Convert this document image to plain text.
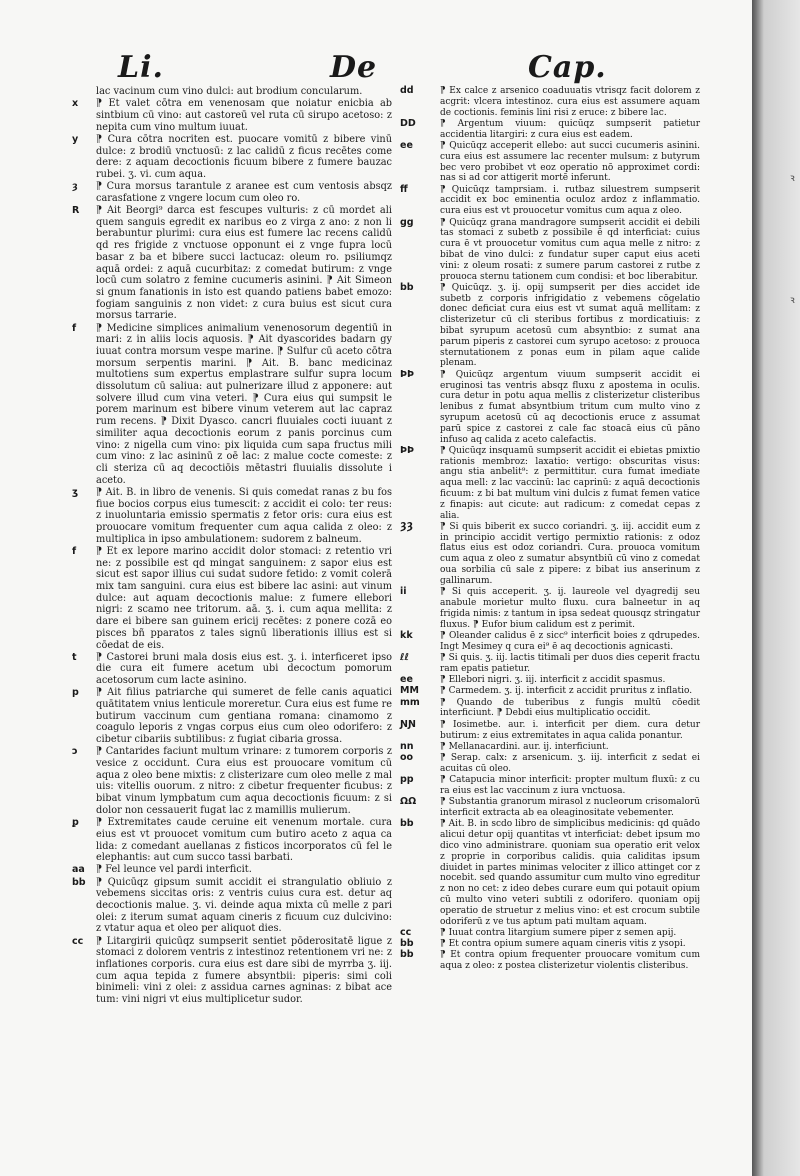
Li.	De	Cap.
lac vacinum cum vino dulci: aut brodium concularum.
x	⁋ Et valet cōtra em venenosam que noiatur enicbia ab sintbium cū vino: aut castoreū vel ruta cū sirupo acetoso: z nepita cum vino multum iuuat.
y	⁋ Cura cōtra nocriten est. puocare vomitū z bibere vinū dulce: z brodiū vnctuosū: z lac calidū z ficus recētes come dere: z aquam decoctionis ficuum bibere z fumere bauzac rubei. ʒ. vi. cum aqua.
ȝ	⁋ Cura morsus tarantule z aranee est cum ventosis absqz carasfatione z vngere locum cum oleo ro.
R	⁋ Ait Beorgi⁹ darca est fescupes vulturis: z cū mordet ali quem sanguis egredit ex naribus eo z virga z ano: z non li berabuntur plurimi: cura eius est fumere lac recens calidū qd res frigide z vnctuose opponunt ei z vnge fupra locū basar z ba et bibere succi lactucaz: oleum ro. psiliumqz aquā ordei: z aquā cucurbitaz: z comedat butirum: z vnge locū cum solatro z femine cucumeris asinini. ⁋ Ait Simeon si gnum fanationis in isto est quando patiens babet emozo: fogiam sanguinis z non videt: z cura buius est sicut cura morsus tarrarie.
f	⁋ Medicine simplices animalium venenosorum degentiū in mari: z in aliis locis aquosis. ⁋ Ait dyascorides badarn gy iuuat contra morsum vespe marine. ⁋ Sulfur cū aceto cōtra morsum serpentis marini. ⁋ Ait. B. banc medicinaz multotiens sum expertus emplastrare sulfur supra locum dissolutum cū saliua: aut pulnerizare illud z apponere: aut solvere illud cum vina veteri. ⁋ Cura eius qui sumpsit le porem marinum est bibere vinum veterem aut lac capraz rum recens. ⁋ Dixit Dyasco. cancri fluuiales cocti iuuant z similiter aqua decoctionis eorum z panis porcinus cum vino: z nigella cum vino: pix liquida cum sapa fructus mili cum vino: z lac asininū z oē lac: z malue cocte comeste: z cli steriza cū aq decoctiōis mētastri fluuialis dissolute i aceto.
ʒ	⁋ Ait. B. in libro de venenis. Si quis comedat ranas z bu fos fiue bocios corpus eius tumescit: z accidit ei colo: ter reus: z inuoluntaria emissio spermatis z fetor oris: cura eius est prouocare vomitum frequenter cum aqua calida z oleo: z multiplica in ipso ambulationem: sudorem z balneum.
f	⁋ Et ex lepore marino accidit dolor stomaci: z retentio vri ne: z possibile est qd mingat sanguinem: z sapor eius est sicut est sapor illius cui sudat sudore fetido: z vomit colerā mix tam sanguini. cura eius est bibere lac asini: aut vinum dulce: aut aquam decoctionis malue: z fumere ellebori nigri: z scamo nee tritorum. aā. ʒ. i. cum aqua mellita: z dare ei bibere san guinem ericij recētes: z ponere cozā eo pisces bñ pparatos z tales signū liberationis illius est si cōedat de eis.
t	⁋ Castorei bruni mala dosis eius est. ʒ. i. interficeret ipso die cura eit fumere acetum ubi decoctum pomorum acetosorum cum lacte asinino.
p	⁋ Ait filius patriarche qui sumeret de felle canis aquatici quātitatem vnius lenticule moreretur. Cura eius est fume re butirum vaccinum cum gentiana romana: cinamomo z coagulo leporis z vngas corpus eius cum oleo odorifero: z cibetur cibariis subtilibus: z fugiat cibaria grossa.
ↄ	⁋ Cantarides faciunt multum vrinare: z tumorem corporis z vesice z occidunt. Cura eius est prouocare vomitum cū aqua z oleo bene mixtis: z clisterizare cum oleo melle z mal uis: vitellis ouorum. z nitro: z cibetur frequenter ficubus: z bibat vinum lympbatum cum aqua decoctionis ficuum: z si dolor non cessauerit fugat lac z mamillis mulierum.
ꝑ	⁋ Extremitates caude ceruine eit venenum mortale. cura eius est vt prouocet vomitum cum butiro aceto z aqua ca lida: z comedant auellanas z fisticos incorporatos cū fel le elephantis: aut cum succo tassi barbati.
aa	⁋ Fel leunce vel pardi interficit.
bb	⁋ Quicūqz gipsum sumit accidit ei strangulatio obliuio z vebemens siccitas oris: z ventris cuius cura est. detur aq decoctionis malue. ʒ. vi. deinde aqua mixta cū melle z pari olei: z iterum sumat aquam cineris z ficuum cuz dulcivino: z vtatur aqua et oleo per aliquot dies.
cc	⁋ Litargirii quicūqz sumpserit sentiet pōderositatē ligue z stomaci z dolorem ventris z intestinoz retentionem vri ne: z inflationes corporis. cura eius est dare sibi de myrrba ʒ. iij. cum aqua tepida z fumere absyntbii: piperis: simi coli binimeli: vini z olei: z assidua carnes agninas: z bibat ace tum: vini nigri vt eius multiplicetur sudor.
dd	⁋ Ex calce z arsenico coaduuatis vtrisqz facit dolorem z acgrit: vlcera intestinoz. cura eius est assumere aquam de coctionis. feminis lini risi z eruce: z bibere lac.
DD	⁋ Argentum viuum: quicūqz sumpserit patietur accidentia litargiri: z cura eius est eadem.
ee	⁋ Quicūqz acceperit ellebo: aut succi cucumeris asinini. cura eius est assumere lac recenter mulsum: z butyrum bec vero probibet vt eoz operatio nō approximet cordi: nas si ad cor attigerit mortē inferunt.
ff	⁋ Quicūqz tamprsiam. i. rutbaz siluestrem sumpserit accidit ex boc eminentia oculoz ardoz z inflammatio. cura eius est vt prouocetur vomitus cum aqua z oleo.
gg	⁋ Quicūqz grana mandragore sumpserit accidit ei debili tas stomaci z subetb z possibile ē qd interficiat: cuius cura ē vt prouocetur vomitus cum aqua melle z nitro: z bibat de vino dulci: z fundatur super caput eius aceti vini: z oleum rosati: z sumere parum castorei z rutbe z prouoca sternu tationem cum condisi: et boc liberabitur.
bb	⁋ Quicūqz. ʒ. ij. opij sumpserit per dies accidet ide subetb z corporis infrigidatio z vebemens cōgelatio donec deficiat cura eius est vt sumat aquā mellitam: z clisterizetur cū cli steribus fortibus z mordicatiuis: z bibat syrupum acetosū cum absyntbio: z sumat ana parum piperis z castorei cum syrupo acetoso: z prouoca sternutationem z ponas eum in pilam aque calide plenam.
ÞÞ	⁋ Quicūqz argentum viuum sumpserit accidit ei eruginosi tas ventris absqz fluxu z apostema in oculis. cura detur in potu aqua mellis z clisterizetur clisteribus lenibus z fumat absyntbium tritum cum multo vino z syrupum acetosū cū aq decoctionis eruce z assumat parū spice z castorei z cale fac stoacā eius cū pāno infuso aq calida z aceto calefactis.
ÞÞ	⁋ Quicūqz insquamū sumpserit accidit ei ebietas pmixtio rationis membroz: laxatio: vertigo: obscuritas visus: angu stia anbelit⁹: z permittitur. cura fumat imediate aqua mell: z lac vaccinū: lac caprinū: z aquā decoctionis ficuum: z bi bat multum vini dulcis z fumat femen vatice z finapis: aut cicute: aut radicum: z comedat cepas z alia.
ȜȜ	⁋ Si quis biberit ex succo coriandri. ʒ. iij. accidit eum z in principio accidit vertigo permixtio rationis: z odoz flatus eius est odoz coriandri. Cura. prouoca vomitum cum aqua z oleo z sumatur absyntbiū cū vino z comedat oua sorbilia cū sale z pipere: z bibat ius anserinum z gallinarum.
ii	⁋ Si quis acceperit. ʒ. ij. laureole vel dyagredij seu anabule morietur multo fluxu. cura balneetur in aq frigida nimis: z tantum in ipsa sedeat quousqz stringatur fluxus. ⁋ Eufor bium calidum est z perimit.
kk	⁋ Oleander calidus ē z sicc⁹ interficit boies z qdrupedes. Ingt Mesimey q cura ei⁹ ē aq decoctionis agnicasti.
ℓℓ	⁋ Si quis. ʒ. iij. lactis titimali per duos dies ceperit fractu ram epatis patietur.
ee	⁋ Ellebori nigri. ʒ. iij. interficit z accidit spasmus.
MM	⁋ Carmedem. ʒ. ij. interficit z accidit pruritus z inflatio.
mm	⁋ Quando de tuberibus z fungis multū cōedit interficiunt. ⁋ Debdi eius multiplicatio occidit.
ƝƝ	⁋ Iosimetbe. aur. i. interficit per diem. cura detur butirum: z eius extremitates in aqua calida ponantur.
nn	⁋ Mellanacardini. aur. ij. interficiunt.
oo	⁋ Serap. calx: z arsenicum. ʒ. iij. interficit z sedat ei acuitas cū oleo.
pp	⁋ Catapucia minor interficit: propter multum fluxū: z cu ra eius est lac vaccinum z iura vnctuosa.
ΩΩ	⁋ Substantia granorum mirasol z nucleorum crisomalorū interficit extracta ab ea oleaginositate vebementer.
bb	⁋ Ait. B. in scdo libro de simplicibus medicinis: qd quādo alicui detur opij quantitas vt interficiat: debet ipsum mo dico vino administrare. quoniam sua operatio erit velox z proprie in corporibus calidis. quia caliditas ipsum diuidet in partes minimas velociter z illico attinget cor z nocebit. sed quando assumitur cum multo vino egreditur z non no cet: z ideo debes curare eum qui potauit opium cū multo vino veteri subtili z odorifero. quoniam opij operatio de struetur z melius vino: et est crocum subtile odoriferū z ve tus aptum pati multam aquam.
cc	⁋ Iuuat contra litargium sumere piper z semen apij.
bb	⁋ Et contra opium sumere aquam cineris vitis z ysopi.
bb	⁋ Et contra opium frequenter prouocare vomitum cum aqua z oleo: z postea clisterizetur violentis clisteribus.
ꝛ
ꝛ
